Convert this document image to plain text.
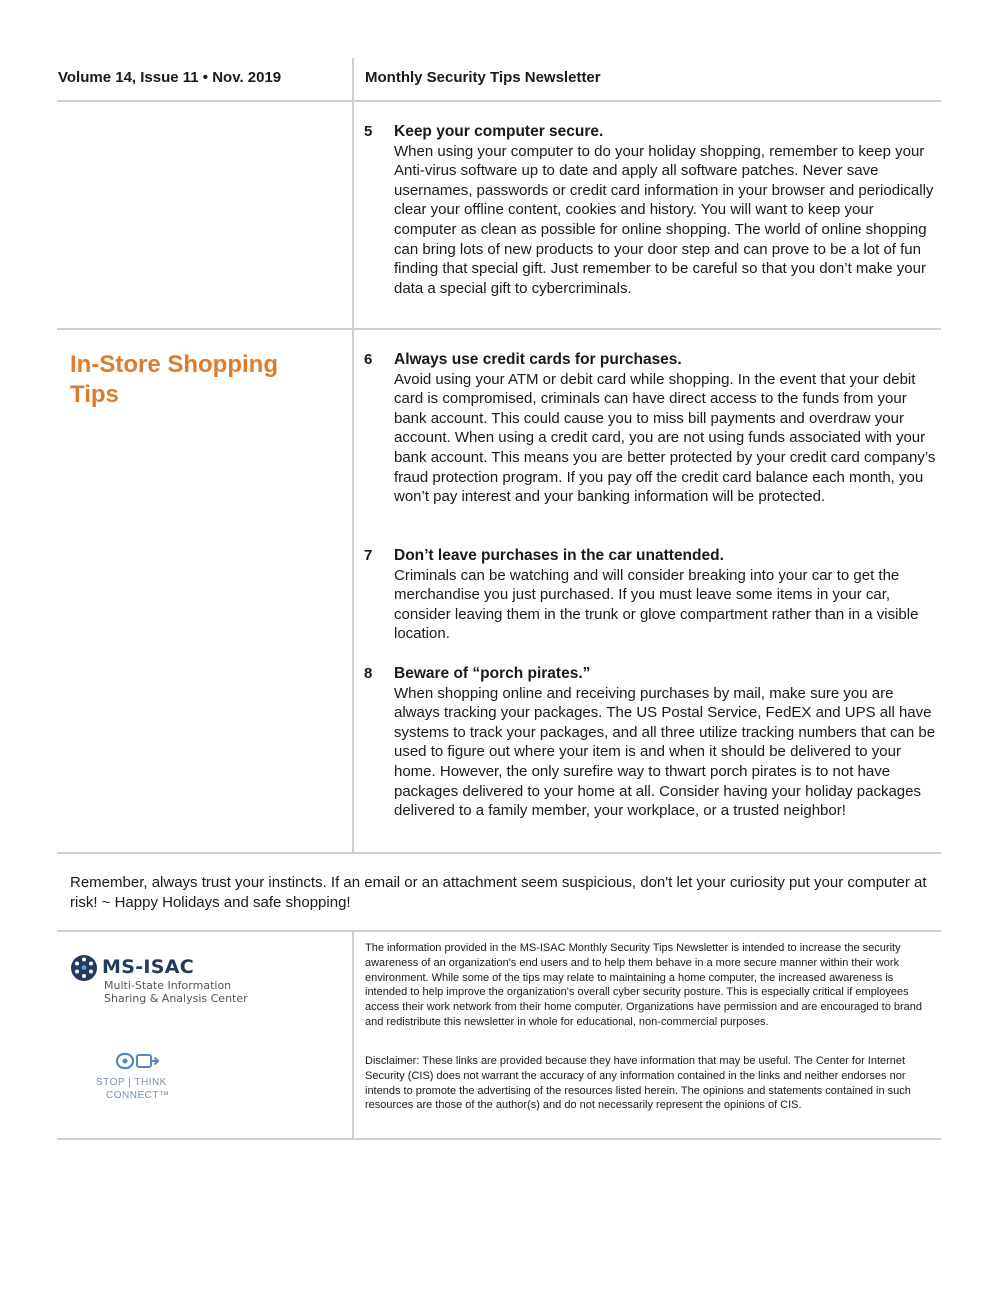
Volume 14, Issue 11 • Nov. 2019	Monthly Security Tips Newsletter
In-Store Shopping Tips
5 Keep your computer secure.
When using your computer to do your holiday shopping, remember to keep your Anti-virus software up to date and apply all software patches. Never save usernames, passwords or credit card information in your browser and periodically clear your offline content, cookies and history. You will want to keep your computer as clean as possible for online shopping. The world of online shopping can bring lots of new products to your door step and can prove to be a lot of fun finding that special gift. Just remember to be careful so that you don’t make your data a special gift to cybercriminals.
6 Always use credit cards for purchases.
Avoid using your ATM or debit card while shopping. In the event that your debit card is compromised, criminals can have direct access to the funds from your bank account. This could cause you to miss bill payments and overdraw your account. When using a credit card, you are not using funds associated with your bank account. This means you are better protected by your credit card company’s fraud protection program. If you pay off the credit card balance each month, you won’t pay interest and your banking information will be protected.
7 Don’t leave purchases in the car unattended.
Criminals can be watching and will consider breaking into your car to get the merchandise you just purchased. If you must leave some items in your car, consider leaving them in the trunk or glove compartment rather than in a visible location.
8 Beware of “porch pirates.”
When shopping online and receiving purchases by mail, make sure you are always tracking your packages. The US Postal Service, FedEX and UPS all have systems to track your packages, and all three utilize tracking numbers that can be used to figure out where your item is and when it should be delivered to your home. However, the only surefire way to thwart porch pirates is to not have packages delivered to your home at all. Consider having your holiday packages delivered to a family member, your workplace, or a trusted neighbor!
Remember, always trust your instincts. If an email or an attachment seem suspicious, don't let your curiosity put your computer at risk! ~ Happy Holidays and safe shopping!
MS-ISAC
Multi-State Information
Sharing & Analysis Center
STOP | THINK
CONNECT™
The information provided in the MS-ISAC Monthly Security Tips Newsletter is intended to increase the security awareness of an organization's end users and to help them behave in a more secure manner within their work environment. While some of the tips may relate to maintaining a home computer, the increased awareness is intended to help improve the organization's overall cyber security posture. This is especially critical if employees access their work network from their home computer. Organizations have permission and are encouraged to brand and redistribute this newsletter in whole for educational, non-commercial purposes.
Disclaimer: These links are provided because they have information that may be useful. The Center for Internet Security (CIS) does not warrant the accuracy of any information contained in the links and neither endorses nor intends to promote the advertising of the resources listed herein. The opinions and statements contained in such resources are those of the author(s) and do not necessarily represent the opinions of CIS.
